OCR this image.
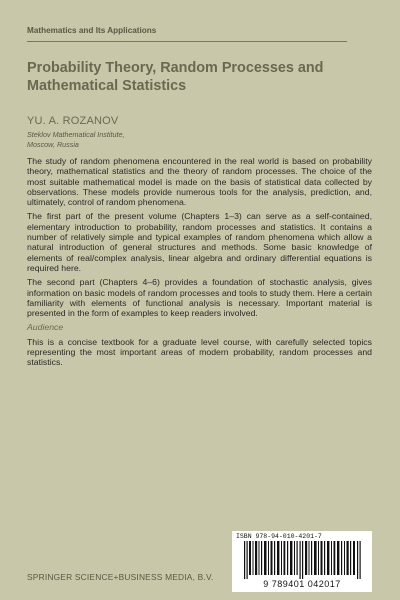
Mathematics and Its Applications
Probability Theory, Random Processes and Mathematical Statistics
YU. A. ROZANOV
Steklov Mathematical Institute,
Moscow, Russia

The study of random phenomena encountered in the real world is based on probability theory, mathematical statistics and the theory of random processes. The choice of the most suitable mathematical model is made on the basis of statistical data collected by observations. These models provide numerous tools for the analysis, prediction, and, ultimately, control of random phenomena.

The first part of the present volume (Chapters 1–3) can serve as a self-contained, elementary introduction to probability, random processes and statistics. It contains a number of relatively simple and typical examples of random phenomena which allow a natural introduction of general structures and methods. Some basic knowledge of elements of real/complex analysis, linear algebra and ordinary differential equations is required here.

The second part (Chapters 4–6) provides a foundation of stochastic analysis, gives information on basic models of random processes and tools to study them. Here a certain familiarity with elements of functional analysis is necessary. Important material is presented in the form of examples to keep readers involved.

Audience

This is a concise textbook for a graduate level course, with carefully selected topics representing the most important areas of modern probability, random processes and statistics.

ISBN 978-94-010-4201-7
9 789401 042017
SPRINGER SCIENCE+BUSINESS MEDIA, B.V.
